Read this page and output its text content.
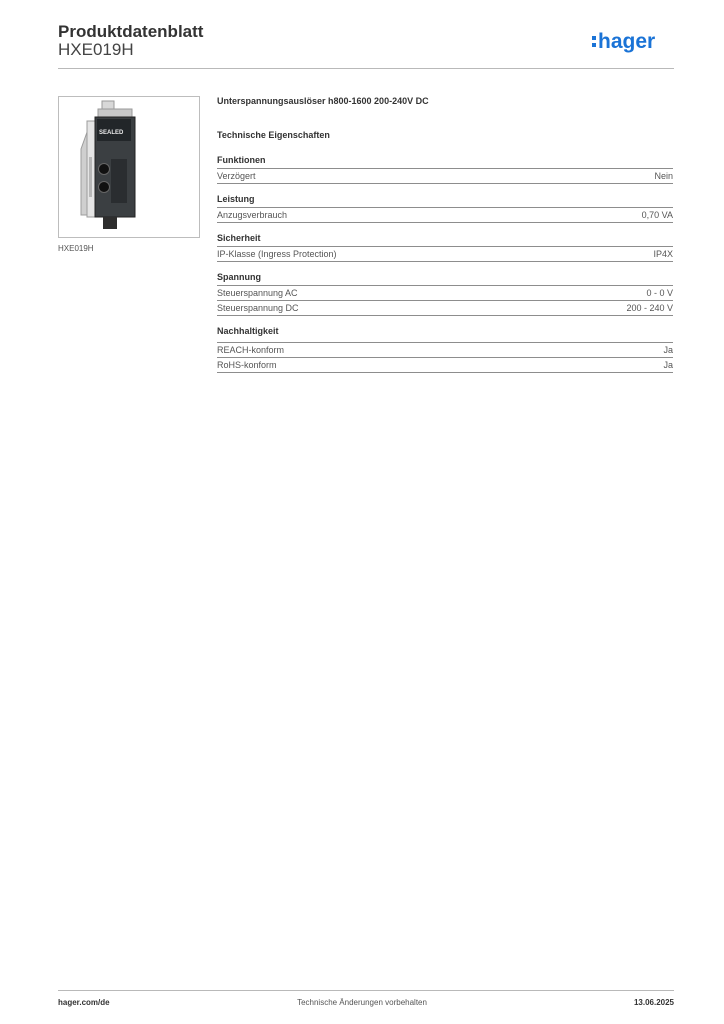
Produktdatenblatt
HXE019H	hager
SEALED
HXE019H
Unterspannungsauslöser h800-1600 200-240V DC
Technische Eigenschaften
Funktionen
Verzögert	Nein
Leistung
Anzugsverbrauch	0,70 VA
Sicherheit
IP-Klasse (Ingress Protection)	IP4X
Spannung
Steuerspannung AC	0 - 0 V
Steuerspannung DC	200 - 240 V
Nachhaltigkeit
REACH-konform	Ja
RoHS-konform	Ja
hager.com/de	Technische Änderungen vorbehalten	13.06.2025
